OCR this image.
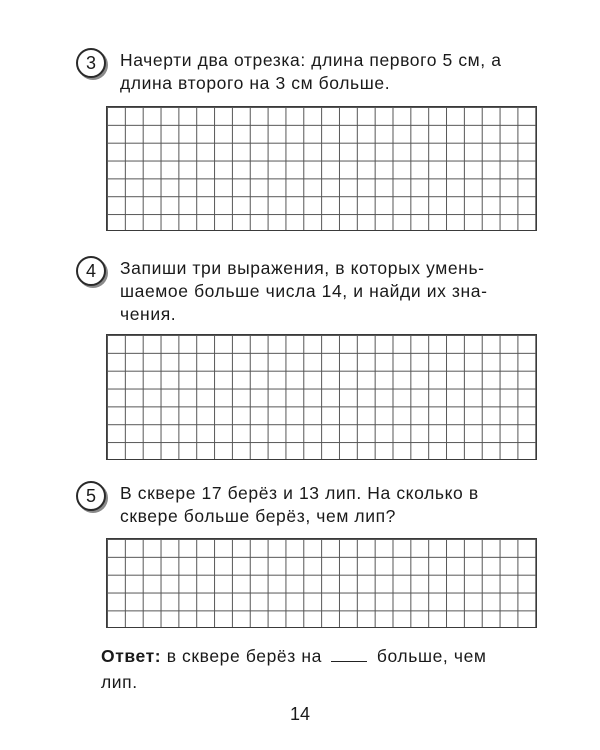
3	Начерти два отрезка: длина первого 5 см, а
длина второго на 3 см больше.
4	Запиши три выражения, в которых умень-
шаемое больше числа 14, и найди их зна-
чения.
5	В сквере 17 берёз и 13 лип. На сколько в
сквере больше берёз, чем лип?
Ответ: в сквере берёз на	больше, чем
лип.
14
